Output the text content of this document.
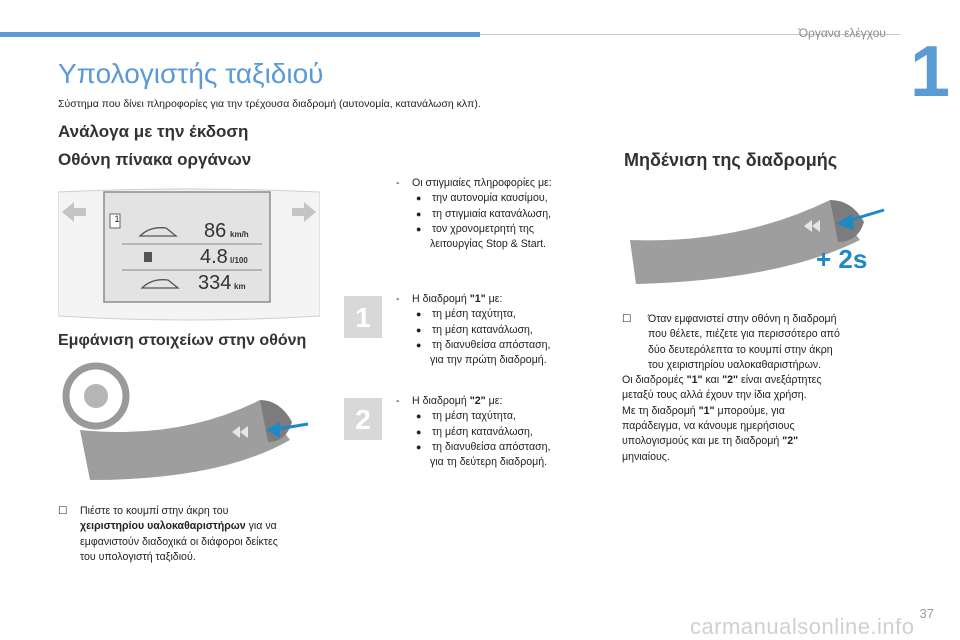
Όργανα ελέγχου 1
Υπολογιστής ταξιδιού
Σύστημα που δίνει πληροφορίες για την τρέχουσα διαδρομή (αυτονομία, κατανάλωση κλπ).
Ανάλογα με την έκδοση
Οθόνη πίνακα οργάνων
1
86 km/h
4.8 l/100
334 km
Εμφάνιση στοιχείων στην οθόνη
☐ Πιέστε το κουμπί στην άκρη του
χειριστηρίου υαλοκαθαριστήρων για να
εμφανιστούν διαδοχικά οι διάφοροι δείκτες
του υπολογιστή ταξιδιού.
- Οι στιγμιαίες πληροφορίες με:
● την αυτονομία καυσίμου,
● τη στιγμιαία κατανάλωση,
● τον χρονομετρητή της
λειτουργίας Stop & Start.
1
- Η διαδρομή "1" με:
● τη μέση ταχύτητα,
● τη μέση κατανάλωση,
● τη διανυθείσα απόσταση,
για την πρώτη διαδρομή.
2
- Η διαδρομή "2" με:
● τη μέση ταχύτητα,
● τη μέση κατανάλωση,
● τη διανυθείσα απόσταση,
για τη δεύτερη διαδρομή.
Μηδένιση της διαδρομής
+ 2s
☐ Όταν εμφανιστεί στην οθόνη η διαδρομή
που θέλετε, πιέζετε για περισσότερο από
δύο δευτερόλεπτα το κουμπί στην άκρη
του χειριστηρίου υαλοκαθαριστήρων.
Οι διαδρομές "1" και "2" είναι ανεξάρτητες
μεταξύ τους αλλά έχουν την ίδια χρήση.
Με τη διαδρομή "1" μπορούμε, για
παράδειγμα, να κάνουμε ημερήσιους
υπολογισμούς και με τη διαδρομή "2"
μηνιαίους.
37
carmanualsonline.info
